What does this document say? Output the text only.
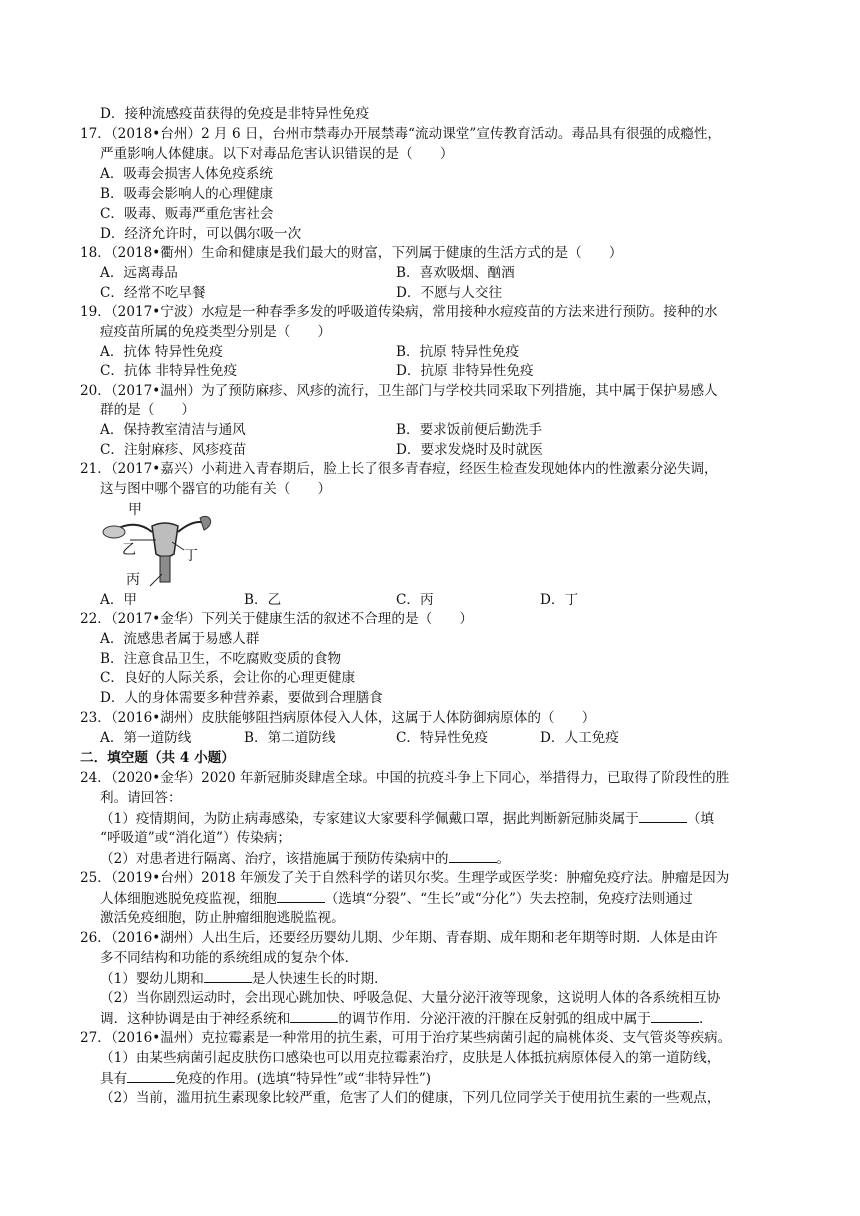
D．接种流感疫苗获得的免疫是非特异性免疫
17．（2018•台州）2 月 6 日，台州市禁毒办开展禁毒“流动课堂”宣传教育活动。毒品具有很强的成瘾性，
严重影响人体健康。以下对毒品危害认识错误的是（　　）
A．吸毒会损害人体免疫系统
B．吸毒会影响人的心理健康
C．吸毒、贩毒严重危害社会
D．经济允许时，可以偶尔吸一次
18．（2018•衢州）生命和健康是我们最大的财富，下列属于健康的生活方式的是（　　）
A．远离毒品	B．喜欢吸烟、酗酒
C．经常不吃早餐	D．不愿与人交往
19．（2017•宁波）水痘是一种春季多发的呼吸道传染病，常用接种水痘疫苗的方法来进行预防。接种的水
痘疫苗所属的免疫类型分别是（　　）
A．抗体 特异性免疫	B．抗原 特异性免疫
C．抗体 非特异性免疫	D．抗原 非特异性免疫
20．（2017•温州）为了预防麻疹、风疹的流行，卫生部门与学校共同采取下列措施，其中属于保护易感人
群的是（　　）
A．保持教室清洁与通风	B．要求饭前便后勤洗手
C．注射麻疹、风疹疫苗	D．要求发烧时及时就医
21．（2017•嘉兴）小莉进入青春期后，脸上长了很多青春痘，经医生检查发现她体内的性激素分泌失调，
这与图中哪个器官的功能有关（　　）
甲
乙
丙
丁
A．甲	B．乙	C．丙	D．丁
22．（2017•金华）下列关于健康生活的叙述不合理的是（　　）
A．流感患者属于易感人群
B．注意食品卫生，不吃腐败变质的食物
C．良好的人际关系，会让你的心理更健康
D．人的身体需要多种营养素，要做到合理膳食
23．（2016•湖州）皮肤能够阻挡病原体侵入人体，这属于人体防御病原体的（　　）
A．第一道防线	B．第二道防线	C．特异性免疫	D．人工免疫
二．填空题（共 4 小题）
24．（2020•金华）2020 年新冠肺炎肆虐全球。中国的抗疫斗争上下同心，举措得力，已取得了阶段性的胜
利。请回答：
（1）疫情期间，为防止病毒感染，专家建议大家要科学佩戴口罩，据此判断新冠肺炎属于	（填
“呼吸道”或“消化道”）传染病；
（2）对患者进行隔离、治疗，该措施属于预防传染病中的	。
25．（2019•台州）2018 年颁发了关于自然科学的诺贝尔奖。生理学或医学奖：肿瘤免疫疗法。肿瘤是因为
人体细胞逃脱免疫监视，细胞	（选填“分裂”、“生长”或“分化”）失去控制，免疫疗法则通过
激活免疫细胞，防止肿瘤细胞逃脱监视。
26．（2016•湖州）人出生后，还要经历婴幼儿期、少年期、青春期、成年期和老年期等时期．人体是由许
多不同结构和功能的系统组成的复杂个体．
（1）婴幼儿期和	是人快速生长的时期．
（2）当你剧烈运动时，会出现心跳加快、呼吸急促、大量分泌汗液等现象，这说明人体的各系统相互协
调．这种协调是由于神经系统和	的调节作用．分泌汗液的汗腺在反射弧的组成中属于	．
27．（2016•温州）克拉霉素是一种常用的抗生素，可用于治疗某些病菌引起的扁桃体炎、支气管炎等疾病。
（1）由某些病菌引起皮肤伤口感染也可以用克拉霉素治疗，皮肤是人体抵抗病原体侵入的第一道防线，
具有	免疫的作用。(选填“特异性”或“非特异性”)
（2）当前，滥用抗生素现象比较严重，危害了人们的健康，下列几位同学关于使用抗生素的一些观点，
